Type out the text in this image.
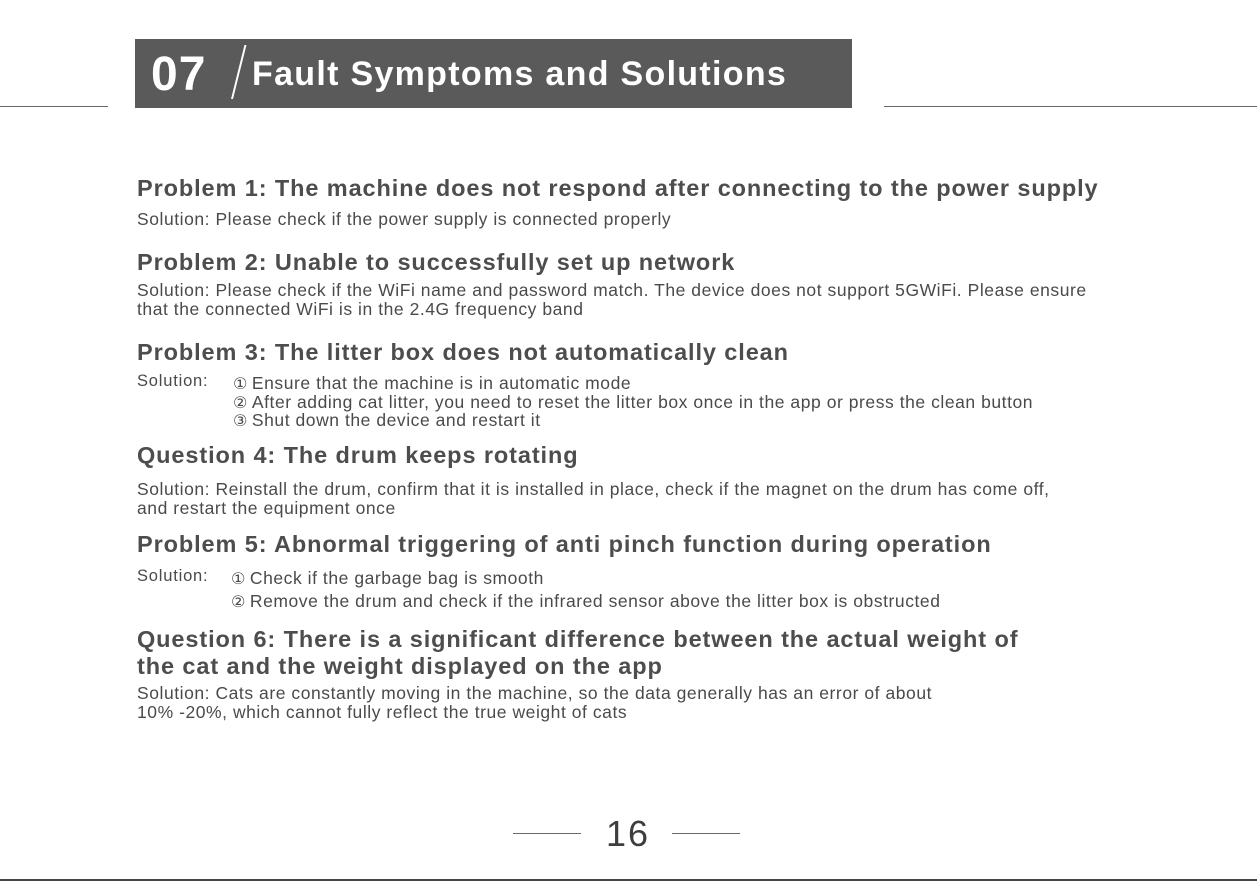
07 Fault Symptoms and Solutions
Problem 1: The machine does not respond after connecting to the power supply
Solution: Please check if the power supply is connected properly
Problem 2: Unable to successfully set up network
Solution: Please check if the WiFi name and password match. The device does not support 5GWiFi. Please ensure
that the connected WiFi is in the 2.4G frequency band
Problem 3: The litter box does not automatically clean
Solution: ① Ensure that the machine is in automatic mode
② After adding cat litter, you need to reset the litter box once in the app or press the clean button
③ Shut down the device and restart it
Question 4: The drum keeps rotating
Solution: Reinstall the drum, confirm that it is installed in place, check if the magnet on the drum has come off,
and restart the equipment once
Problem 5: Abnormal triggering of anti pinch function during operation
Solution: ① Check if the garbage bag is smooth
② Remove the drum and check if the infrared sensor above the litter box is obstructed
Question 6: There is a significant difference between the actual weight of
the cat and the weight displayed on the app
Solution: Cats are constantly moving in the machine, so the data generally has an error of about
10% -20%, which cannot fully reflect the true weight of cats
16
